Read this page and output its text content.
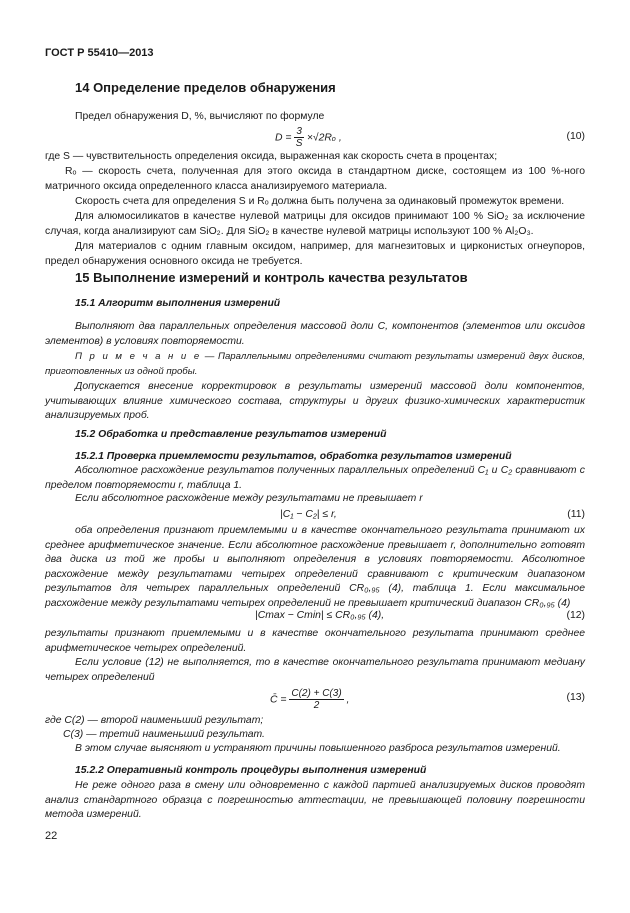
ГОСТ Р 55410—2013
14 Определение пределов обнаружения
Предел обнаружения D, %, вычисляют по формуле
$D = \frac{3}{S} \times√2R_o$ ,	(10)
где S — чувствительность определения оксида, выраженная как скорость счета в процентах;
Rₒ — скорость счета, полученная для этого оксида в стандартном диске, состоящем из 100 %-ного матричного оксида определенного класса анализируемого материала.
Скорость счета для определения S и Rₒ должна быть получена за одинаковый промежуток времени.
Для алюмосиликатов в качестве нулевой матрицы для оксидов принимают 100 % SiO₂ за исключение случая, когда анализируют сам SiO₂. Для SiO₂ в качестве нулевой матрицы используют 100 % Al₂O₃.
Для материалов с одним главным оксидом, например, для магнезитовых и цирконистых огнеупоров, предел обнаружения основного оксида не требуется.
15 Выполнение измерений и контроль качества результатов
15.1 Алгоритм выполнения измерений
Выполняют два параллельных определения массовой доли C, компонентов (элементов или оксидов элементов) в условиях повторяемости.
П р и м е ч а н и е — Параллельными определениями считают результаты измерений двух дисков, приготовленных из одной пробы.
Допускается внесение корректировок в результаты измерений массовой доли компонентов, учитывающих влияние химического состава, структуры и других физико-химических характеристик анализируемых проб.
15.2 Обработка и представление результатов измерений
15.2.1 Проверка приемлемости результатов, обработка результатов измерений
Абсолютное расхождение результатов полученных параллельных определений C₁ и C₂ сравнивают с пределом повторяемости r, таблица 1.
Если абсолютное расхождение между результатами не превышает r
|C₁ − C₂| ≤ r,	(11)
оба определения признают приемлемыми и в качестве окончательного результата принимают их среднее арифметическое значение. Если абсолютное расхождение превышает r, дополнительно готовят два диска из той же пробы и выполняют определения в условиях повторяемости. Абсолютное расхождение между результатами четырех определений сравнивают с критическим диапазоном результатов для четырех параллельных определений CR₀,₉₅ (4), таблица 1. Если максимальное расхождение между результатами четырех определений не превышает критический диапазон CR₀,₉₅ (4)
|Cmax − Cmin| ≤ CR₀,₉₅ (4),	(12)
результаты признают приемлемыми и в качестве окончательного результата принимают среднее арифметическое четырех определений.
Если условие (12) не выполняется, то в качестве окончательного результата принимают медиану четырех определений
C̄ = $\frac{C(2) + C(3)}{2}$ ,	(13)
где C(2) — второй наименьший результат;
C(3) — третий наименьший результат.
В этом случае выясняют и устраняют причины повышенного разброса результатов измерений.
15.2.2 Оперативный контроль процедуры выполнения измерений
Не реже одного раза в смену или одновременно с каждой партией анализируемых дисков проводят анализ стандартного образца с погрешностью аттестации, не превышающей половину погрешности метода измерений.
22
